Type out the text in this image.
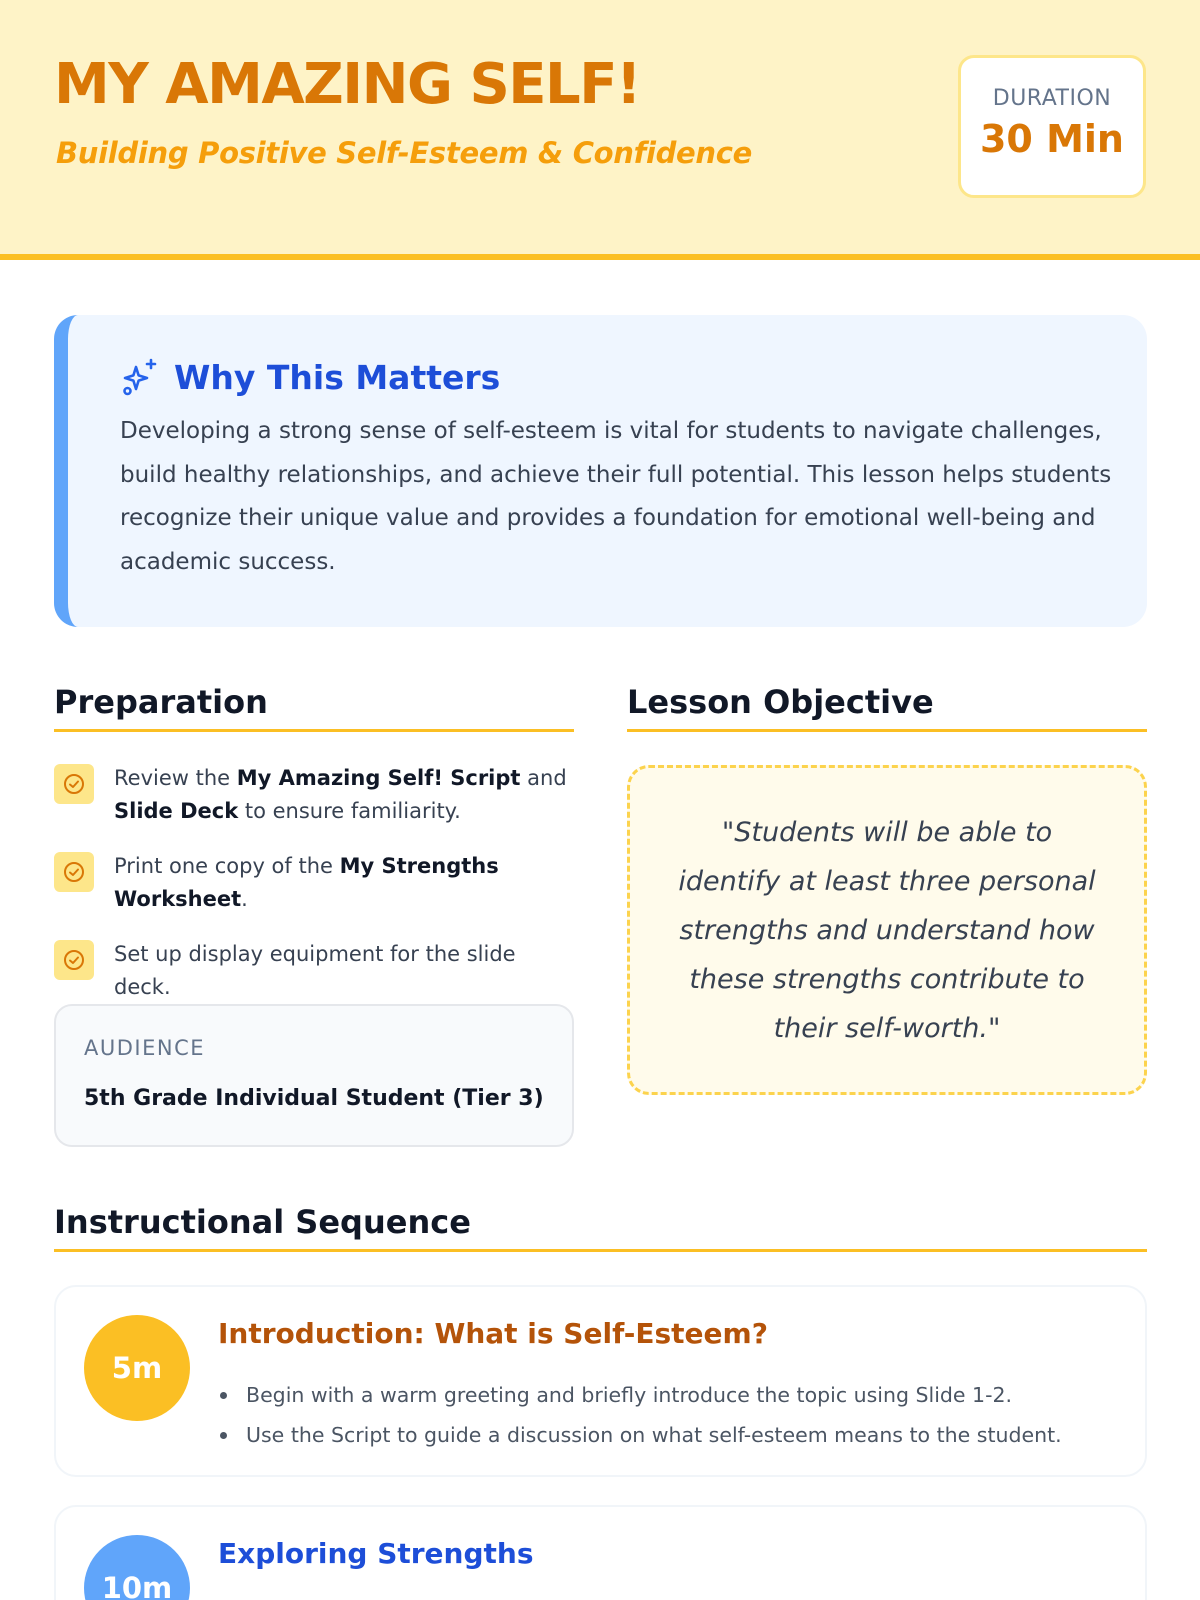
MY AMAZING SELF!
Building Positive Self-Esteem & Confidence
DURATION
30 Min
Why This Matters

Developing a strong sense of self-esteem is vital for students to navigate challenges, build healthy relationships, and achieve their full potential. This lesson helps students recognize their unique value and provides a foundation for emotional well-being and academic success.

Preparation	Lesson Objective
Review the My Amazing Self! Script and Slide Deck to ensure familiarity.
Print one copy of the My Strengths Worksheet.
Set up display equipment for the slide deck.
AUDIENCE
5th Grade Individual Student (Tier 3)

"Students will be able to identify at least three personal strengths and understand how these strengths contribute to their self-worth."

Instructional Sequence
5m
Introduction: What is Self-Esteem?
Begin with a warm greeting and briefly introduce the topic using Slide 1-2.
Use the Script to guide a discussion on what self-esteem means to the student.
10m
Exploring Strengths
